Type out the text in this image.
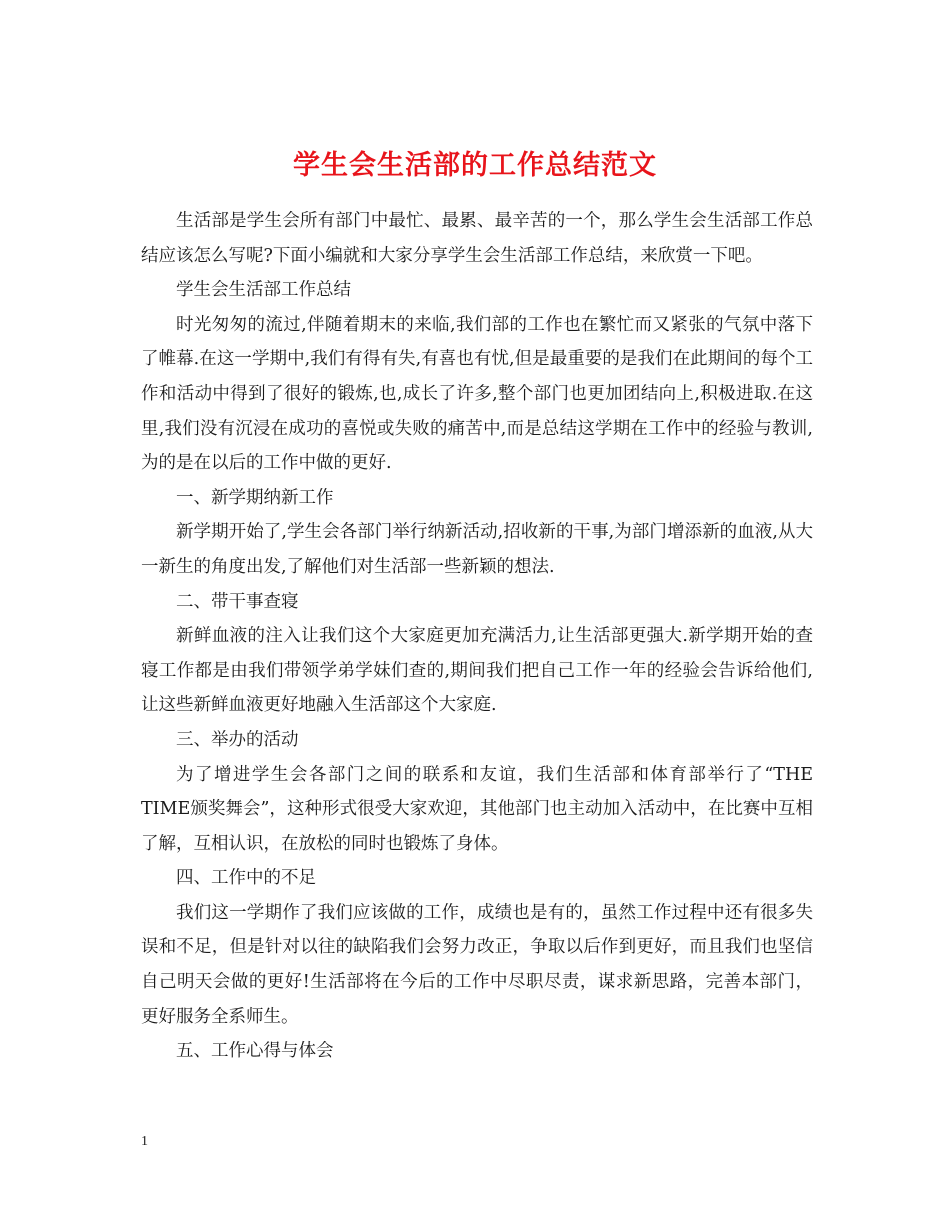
学生会生活部的工作总结范文

生活部是学生会所有部门中最忙、最累、最辛苦的一个，那么学生会生活部工作总结应该怎么写呢?下面小编就和大家分享学生会生活部工作总结，来欣赏一下吧。

学生会生活部工作总结

时光匆匆的流过,伴随着期末的来临,我们部的工作也在繁忙而又紧张的气氛中落下了帷幕.在这一学期中,我们有得有失,有喜也有忧,但是最重要的是我们在此期间的每个工作和活动中得到了很好的锻炼,也,成长了许多,整个部门也更加团结向上,积极进取.在这里,我们没有沉浸在成功的喜悦或失败的痛苦中,而是总结这学期在工作中的经验与教训,为的是在以后的工作中做的更好.

一、新学期纳新工作

新学期开始了,学生会各部门举行纳新活动,招收新的干事,为部门增添新的血液,从大一新生的角度出发,了解他们对生活部一些新颖的想法.

二、带干事查寝

新鲜血液的注入让我们这个大家庭更加充满活力,让生活部更强大.新学期开始的查寝工作都是由我们带领学弟学妹们查的,期间我们把自己工作一年的经验会告诉给他们,让这些新鲜血液更好地融入生活部这个大家庭.

三、举办的活动

为了增进学生会各部门之间的联系和友谊，我们生活部和体育部举行了“THE TIME颁奖舞会”，这种形式很受大家欢迎，其他部门也主动加入活动中，在比赛中互相了解，互相认识，在放松的同时也锻炼了身体。

四、工作中的不足

我们这一学期作了我们应该做的工作，成绩也是有的，虽然工作过程中还有很多失误和不足，但是针对以往的缺陷我们会努力改正，争取以后作到更好，而且我们也坚信自己明天会做的更好!生活部将在今后的工作中尽职尽责，谋求新思路，完善本部门，更好服务全系师生。

五、工作心得与体会

1
